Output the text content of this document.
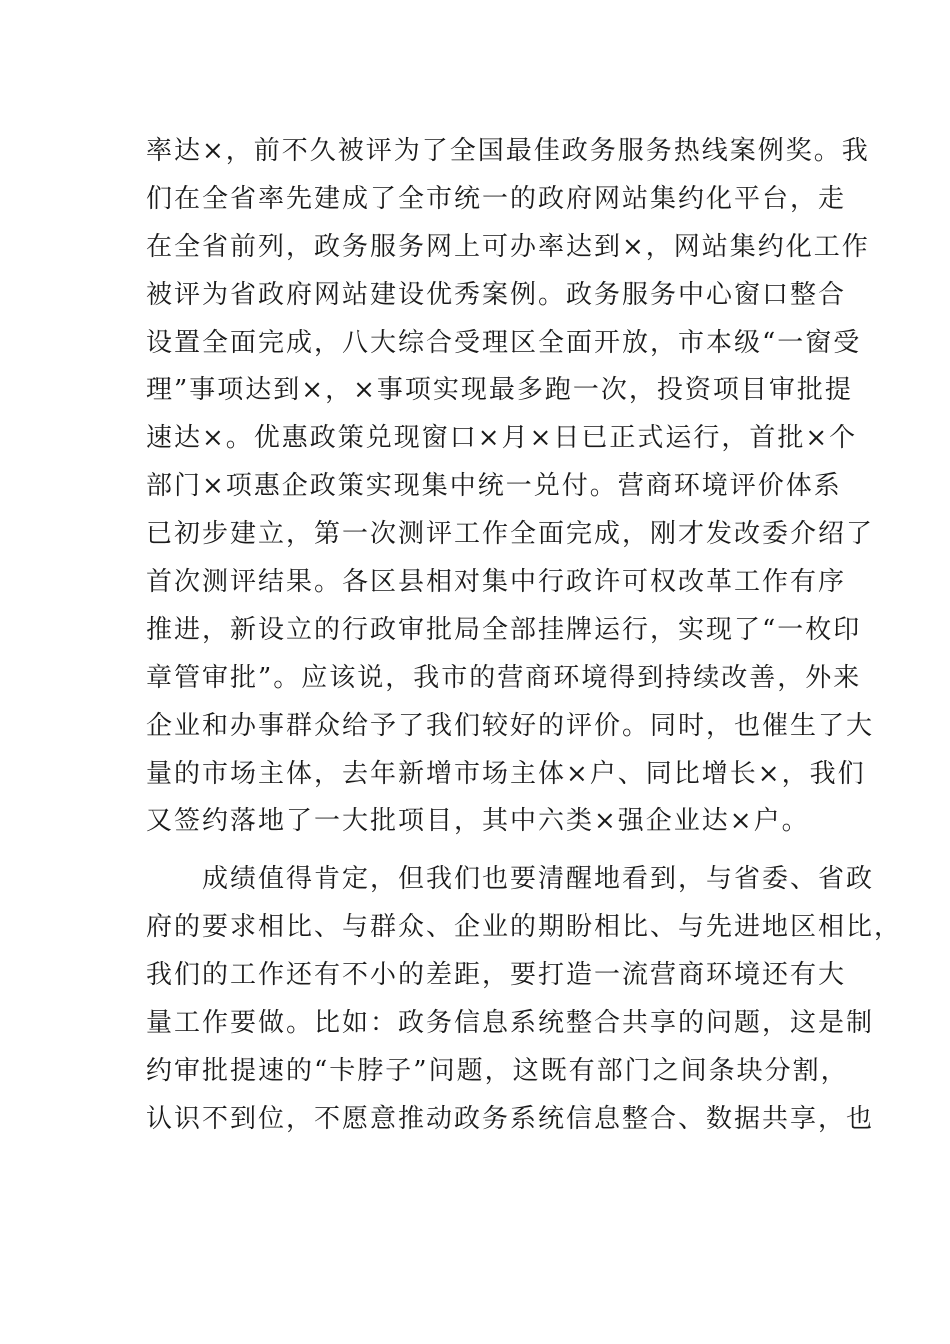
率达×，前不久被评为了全国最佳政务服务热线案例奖。我
们在全省率先建成了全市统一的政府网站集约化平台，走
在全省前列，政务服务网上可办率达到×，网站集约化工作
被评为省政府网站建设优秀案例。政务服务中心窗口整合
设置全面完成，八大综合受理区全面开放，市本级“一窗受
理”事项达到×，×事项实现最多跑一次，投资项目审批提
速达×。优惠政策兑现窗口×月×日已正式运行，首批×个
部门×项惠企政策实现集中统一兑付。营商环境评价体系
已初步建立，第一次测评工作全面完成，刚才发改委介绍了
首次测评结果。各区县相对集中行政许可权改革工作有序
推进，新设立的行政审批局全部挂牌运行，实现了“一枚印
章管审批”。应该说，我市的营商环境得到持续改善，外来
企业和办事群众给予了我们较好的评价。同时，也催生了大
量的市场主体，去年新增市场主体×户、同比增长×，我们
又签约落地了一大批项目，其中六类×强企业达×户。
成绩值得肯定，但我们也要清醒地看到，与省委、省政
府的要求相比、与群众、企业的期盼相比、与先进地区相比，
我们的工作还有不小的差距，要打造一流营商环境还有大
量工作要做。比如：政务信息系统整合共享的问题，这是制
约审批提速的“卡脖子”问题，这既有部门之间条块分割，
认识不到位，不愿意推动政务系统信息整合、数据共享，也
